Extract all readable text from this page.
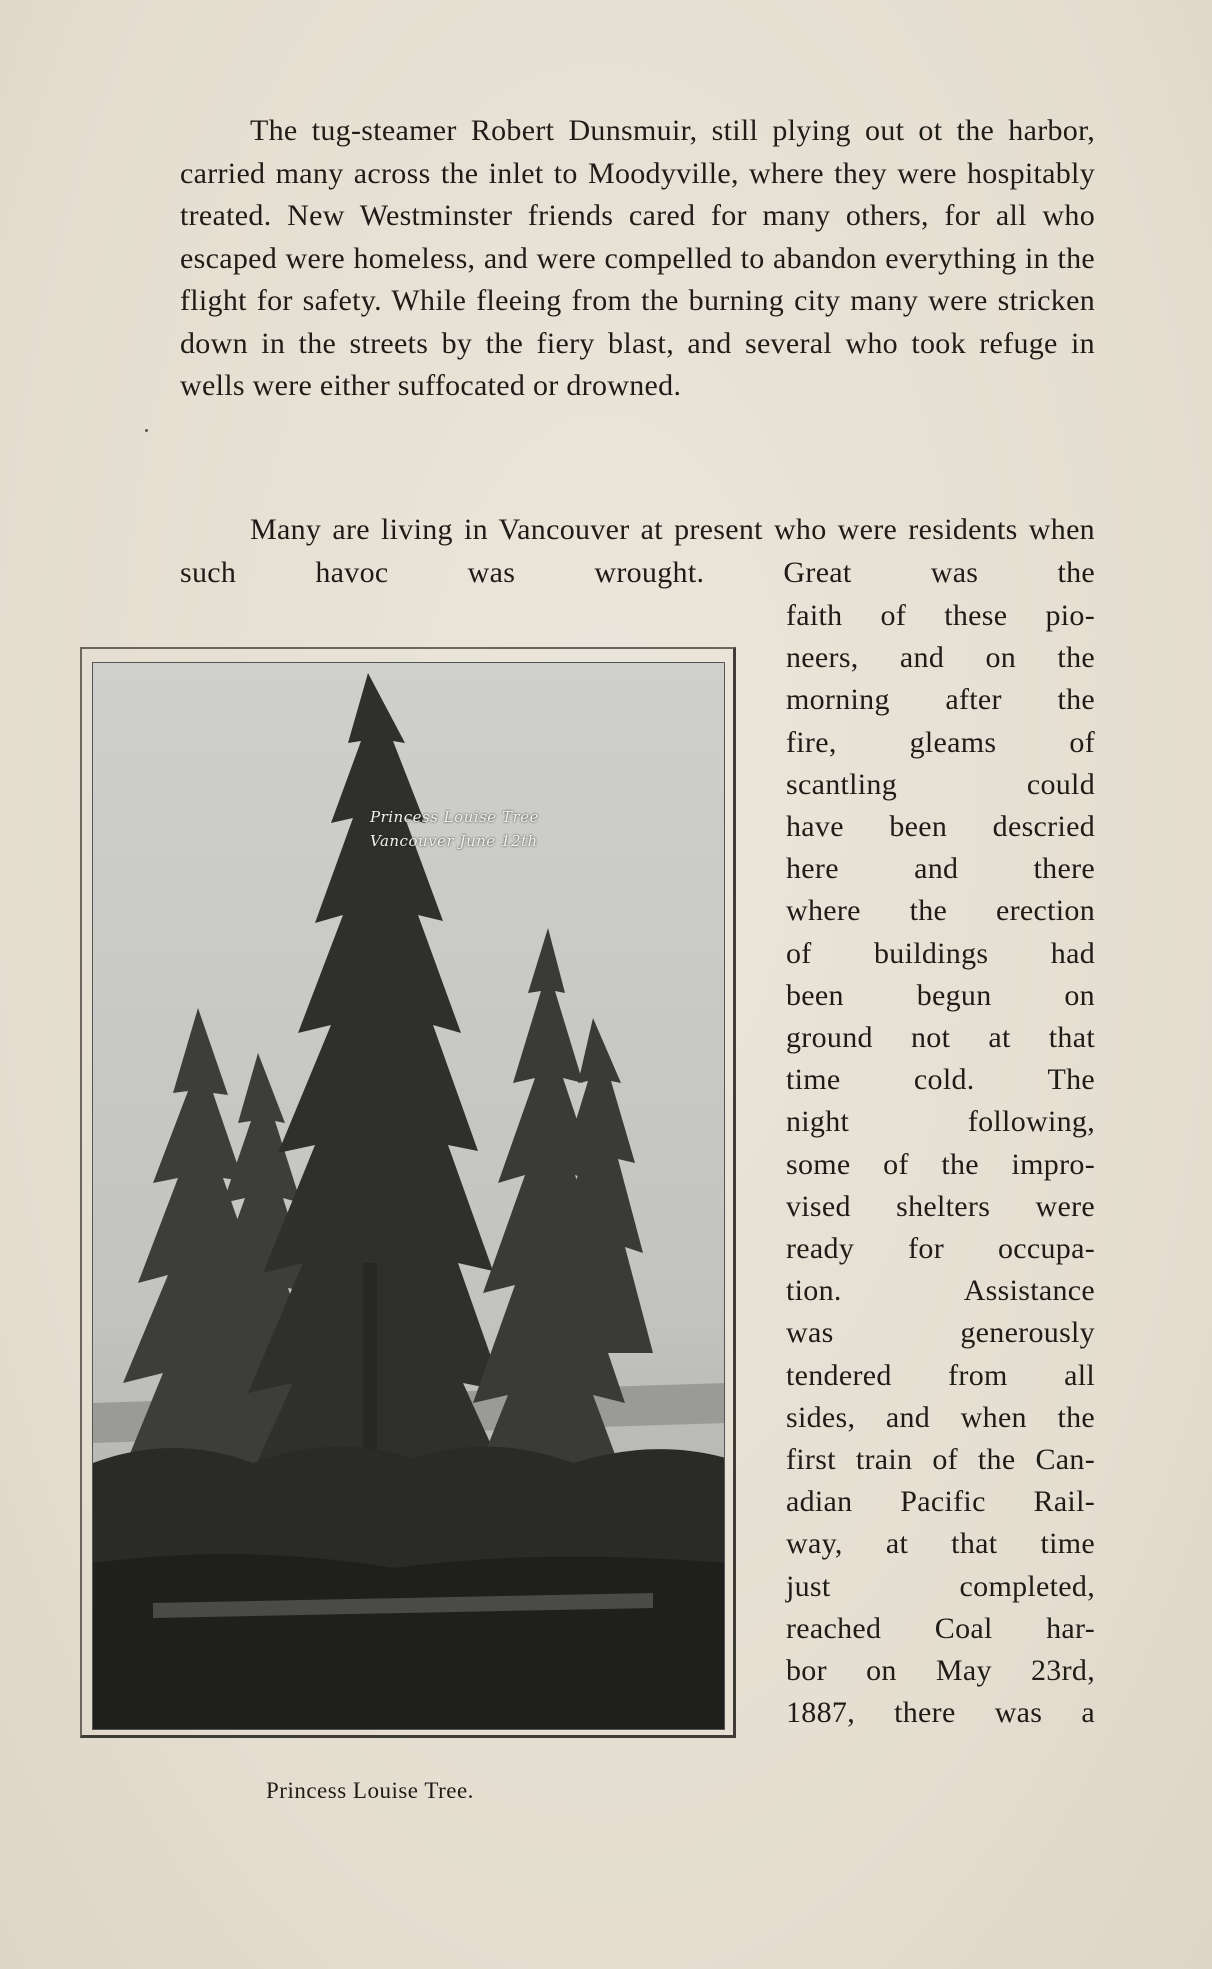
The tug-steamer Robert Dunsmuir, still plying out ot the harbor, carried many across the inlet to Moodyville, where they were hospitably treated. New Westminster friends cared for many others, for all who escaped were homeless, and were compelled to abandon everything in the flight for safety. While fleeing from the burning city many were stricken down in the streets by the fiery blast, and several who took refuge in wells were either suffocated or drowned.

Many are living in Vancouver at present who were residents when such havoc was wrought. Great was the

faith of these pio-
neers, and on the
morning after the
fire, gleams of
scantling could
have been descried
here and there
where the erection
of buildings had
been begun on
ground not at that
time cold. The
night following,
some of the impro-
vised shelters were
ready for occupa-
tion. Assistance
was generously
tendered from all
sides, and when the
first train of the Can-
adian Pacific Rail-
way, at that time
just completed,
reached Coal har-
bor on May 23rd,
1887, there was a
Princess Louise Tree
Vancouver June 12th
Princess Louise Tree.
